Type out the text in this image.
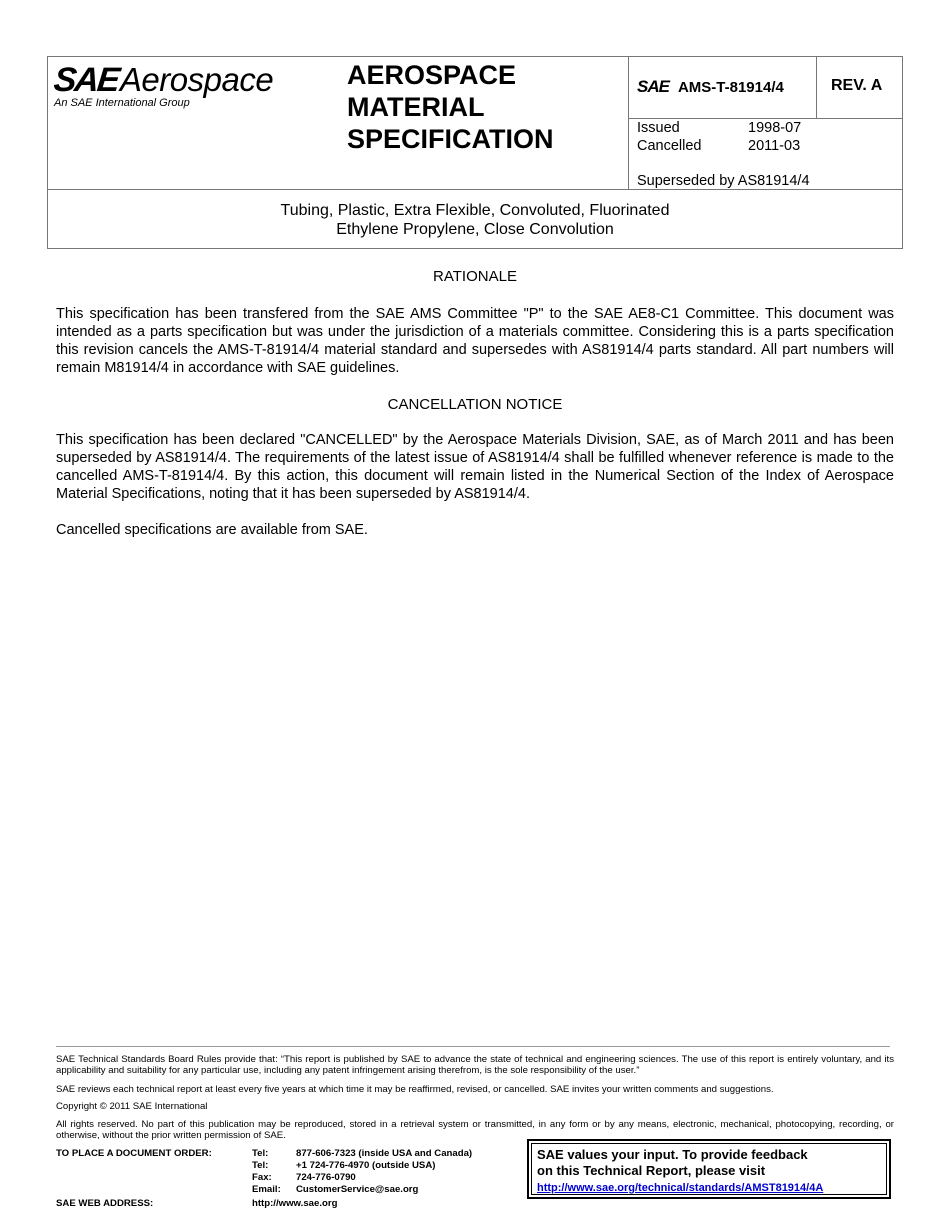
SAE Aerospace
An SAE International Group
AEROSPACE
MATERIAL
SPECIFICATION
SAE AMS-T-81914/4	REV. A
Issued	1998-07
Cancelled	2011-03
Superseded by AS81914/4
Tubing, Plastic, Extra Flexible, Convoluted, Fluorinated
Ethylene Propylene, Close Convolution
RATIONALE
This specification has been transfered from the SAE AMS Committee "P" to the SAE AE8-C1 Committee. This document was intended as a parts specification but was under the jurisdiction of a materials committee. Considering this is a parts specification this revision cancels the AMS-T-81914/4 material standard and supersedes with AS81914/4 parts standard. All part numbers will remain M81914/4 in accordance with SAE guidelines.
CANCELLATION NOTICE
This specification has been declared "CANCELLED" by the Aerospace Materials Division, SAE, as of March 2011 and has been superseded by AS81914/4. The requirements of the latest issue of AS81914/4 shall be fulfilled whenever reference is made to the cancelled AMS-T-81914/4. By this action, this document will remain listed in the Numerical Section of the Index of Aerospace Material Specifications, noting that it has been superseded by AS81914/4.
Cancelled specifications are available from SAE.
SAE Technical Standards Board Rules provide that: “This report is published by SAE to advance the state of technical and engineering sciences. The use of this report is entirely voluntary, and its applicability and suitability for any particular use, including any patent infringement arising therefrom, is the sole responsibility of the user.”
SAE reviews each technical report at least every five years at which time it may be reaffirmed, revised, or cancelled. SAE invites your written comments and suggestions.
Copyright © 2011 SAE International
All rights reserved. No part of this publication may be reproduced, stored in a retrieval system or transmitted, in any form or by any means, electronic, mechanical, photocopying, recording, or otherwise, without the prior written permission of SAE.
TO PLACE A DOCUMENT ORDER:	Tel:	877-606-7323 (inside USA and Canada)
Tel:	+1 724-776-4970 (outside USA)
Fax:	724-776-0790
Email:	CustomerService@sae.org
SAE WEB ADDRESS:	http://www.sae.org
SAE values your input. To provide feedback
on this Technical Report, please visit
http://www.sae.org/technical/standards/AMST81914/4A
